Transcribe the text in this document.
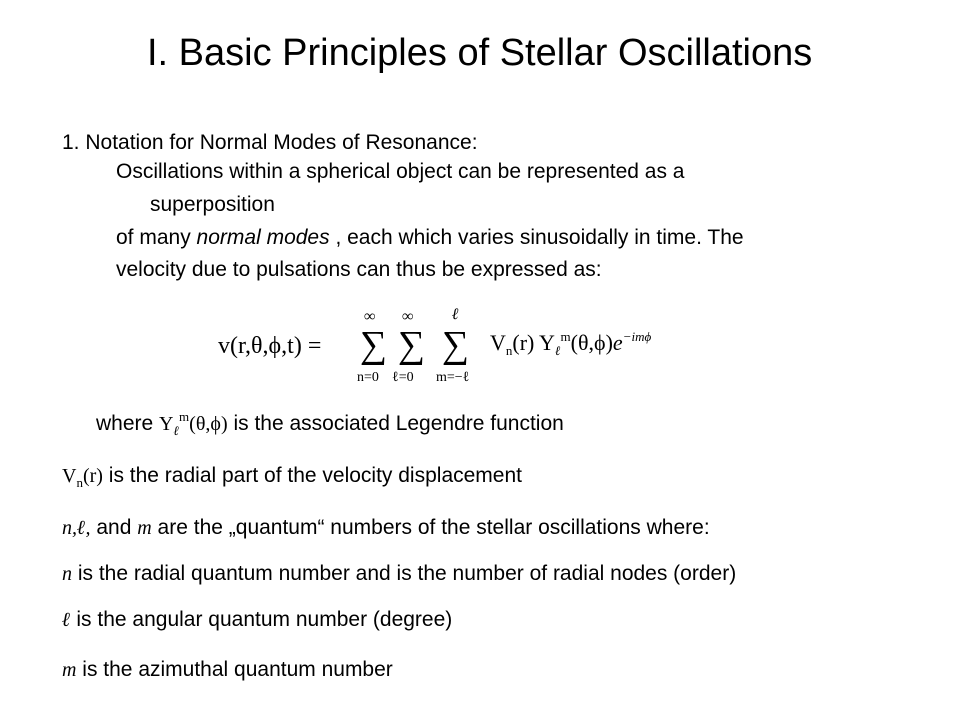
I. Basic Principles of Stellar Oscillations
1. Notation for Normal Modes of Resonance:
Oscillations within a spherical object can be represented as a
superposition
of many normal modes , each which varies sinusoidally in time. The
velocity due to pulsations can thus be expressed as:
v(r,θ,ϕ,t) =
∞
∑
n=0
∞
∑
ℓ=0
ℓ
∑
m=−ℓ
$V_n(r)$ $Y_\ell^m(\theta,\phi)e^{-im\phi}$
where $Y_\ell^m(\theta,\phi)$ is the associated Legendre function
$V_n(r)$ is the radial part of the velocity displacement
n,ℓ, and m are the „quantum“ numbers of the stellar oscillations where:
n is the radial quantum number and is the number of radial nodes (order)
ℓ is the angular quantum number (degree)
m is the azimuthal quantum number
